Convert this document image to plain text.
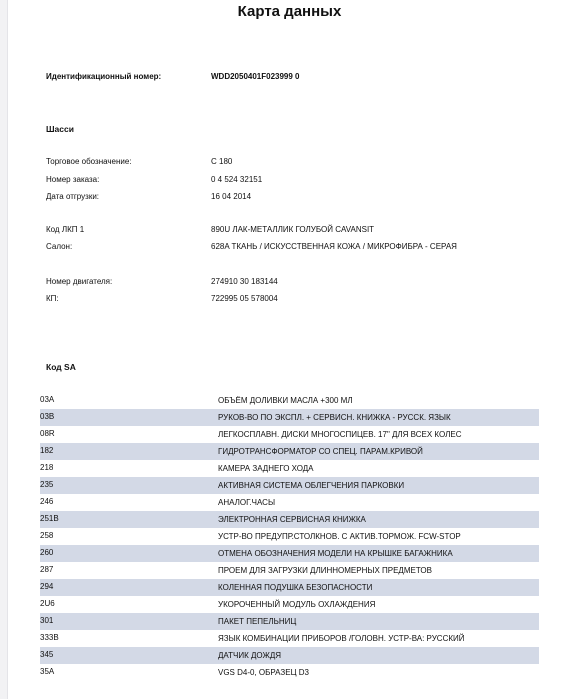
Карта данных
Идентификационный номер:	WDD2050401F023999 0
Шасси
Торговое обозначение:	C 180
Номер заказа:	0 4 524 32151
Дата отгрузки:	16 04 2014
Код ЛКП 1	890U ЛАК-МЕТАЛЛИК ГОЛУБОЙ CAVANSIT
Салон:	628A ТКАНЬ / ИСКУССТВЕННАЯ КОЖА / МИКРОФИБРА - СЕРАЯ
Номер двигателя:	274910 30 183144
КП:	722995 05 578004
Код SA
03A	ОБЪЁМ ДОЛИВКИ МАСЛА +300 МЛ
03B	РУКОВ-ВО ПО ЭКСПЛ. + СЕРВИСН. КНИЖКА - РУССК. ЯЗЫК
08R	ЛЕГКОСПЛАВН. ДИСКИ МНОГОСПИЦЕВ. 17" ДЛЯ ВСЕХ КОЛЕС
182	ГИДРОТРАНСФОРМАТОР СО СПЕЦ. ПАРАМ.КРИВОЙ
218	КАМЕРА ЗАДНЕГО ХОДА
235	АКТИВНАЯ СИСТЕМА ОБЛЕГЧЕНИЯ ПАРКОВКИ
246	АНАЛОГ.ЧАСЫ
251B	ЭЛЕКТРОННАЯ СЕРВИСНАЯ КНИЖКА
258	УСТР-ВО ПРЕДУПР.СТОЛКНОВ. С АКТИВ.ТОРМОЖ. FCW-STOP
260	ОТМЕНА ОБОЗНАЧЕНИЯ МОДЕЛИ НА КРЫШКЕ БАГАЖНИКА
287	ПРОЕМ ДЛЯ ЗАГРУЗКИ ДЛИННОМЕРНЫХ ПРЕДМЕТОВ
294	КОЛЕННАЯ ПОДУШКА БЕЗОПАСНОСТИ
2U6	УКОРОЧЕННЫЙ МОДУЛЬ ОХЛАЖДЕНИЯ
301	ПАКЕТ ПЕПЕЛЬНИЦ
333B	ЯЗЫК КОМБИНАЦИИ ПРИБОРОВ /ГОЛОВН. УСТР-ВА: РУССКИЙ
345	ДАТЧИК ДОЖДЯ
35A	VGS D4-0, ОБРАЗЕЦ D3
